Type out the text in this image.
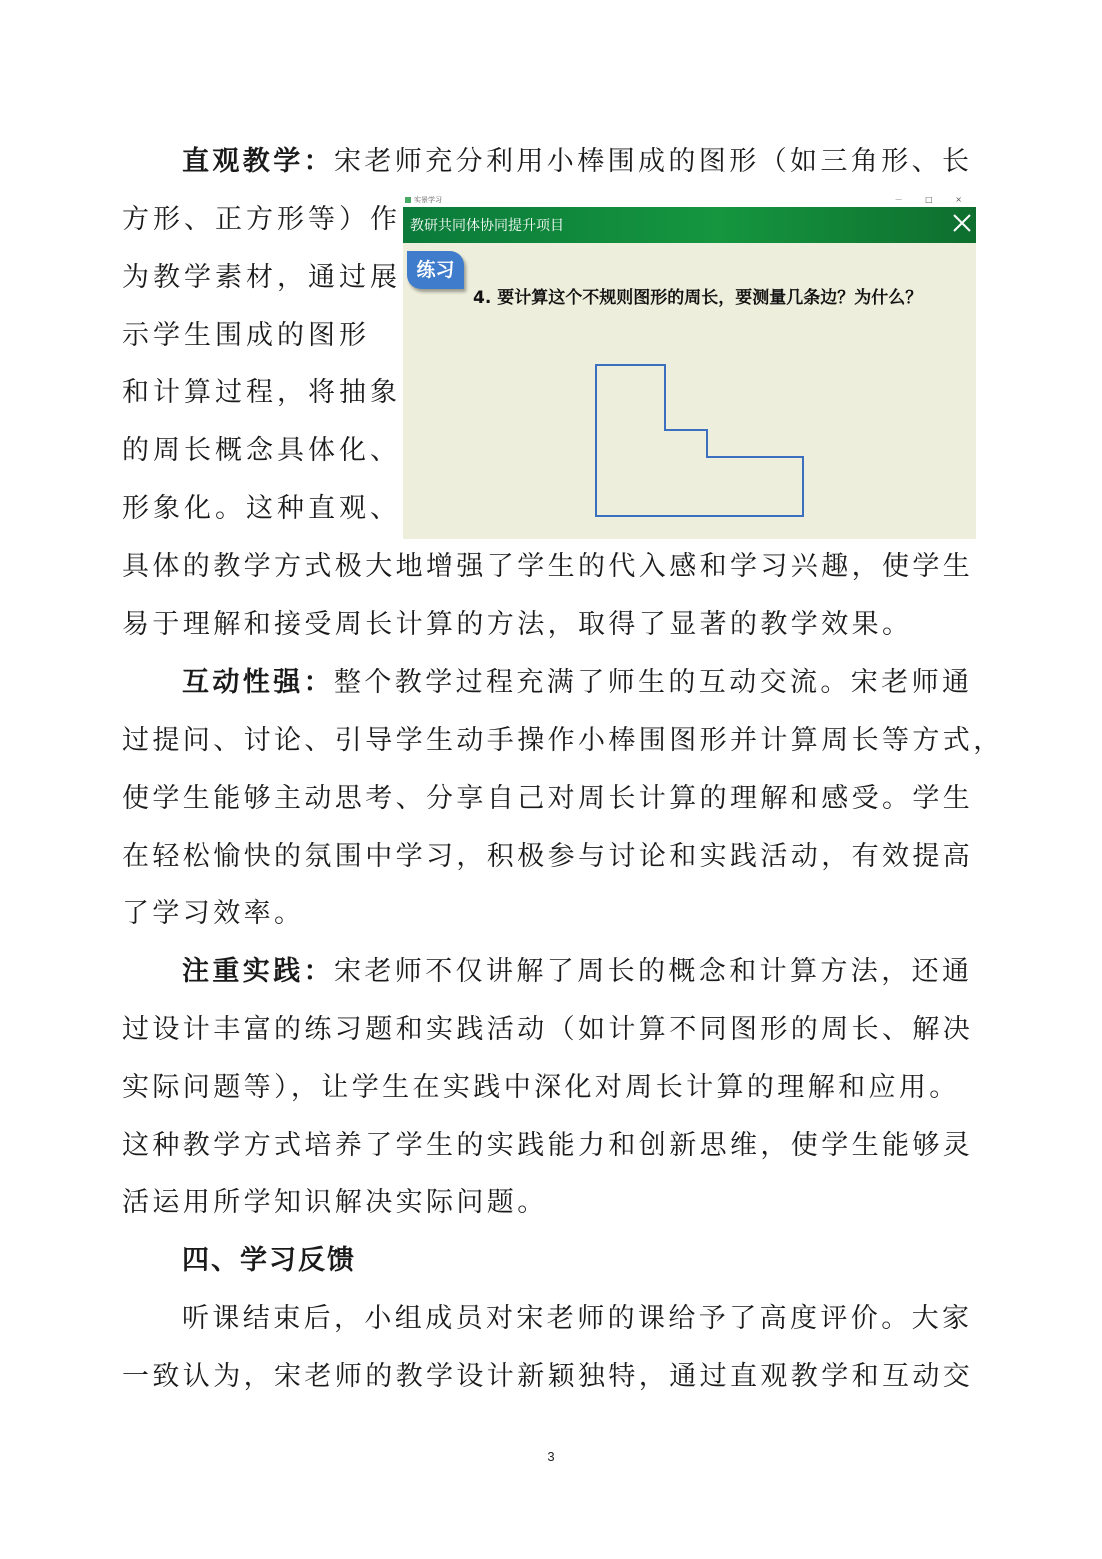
直观教学：宋老师充分利用小棒围成的图形（如三角形、长
方形、正方形等）作
为教学素材，通过展
示学生围成的图形
和计算过程，将抽象
的周长概念具体化、
形象化。这种直观、
具体的教学方式极大地增强了学生的代入感和学习兴趣，使学生
易于理解和接受周长计算的方法，取得了显著的教学效果。
实景学习	－ □ ×
教研共同体协同提升项目
练习
4. 要计算这个不规则图形的周长，要测量几条边？为什么？
互动性强：整个教学过程充满了师生的互动交流。宋老师通
过提问、讨论、引导学生动手操作小棒围图形并计算周长等方式，
使学生能够主动思考、分享自己对周长计算的理解和感受。学生
在轻松愉快的氛围中学习，积极参与讨论和实践活动，有效提高
了学习效率。
注重实践：宋老师不仅讲解了周长的概念和计算方法，还通
过设计丰富的练习题和实践活动（如计算不同图形的周长、解决
实际问题等），让学生在实践中深化对周长计算的理解和应用。
这种教学方式培养了学生的实践能力和创新思维，使学生能够灵
活运用所学知识解决实际问题。
四、学习反馈
听课结束后，小组成员对宋老师的课给予了高度评价。大家
一致认为，宋老师的教学设计新颖独特，通过直观教学和互动交
3
